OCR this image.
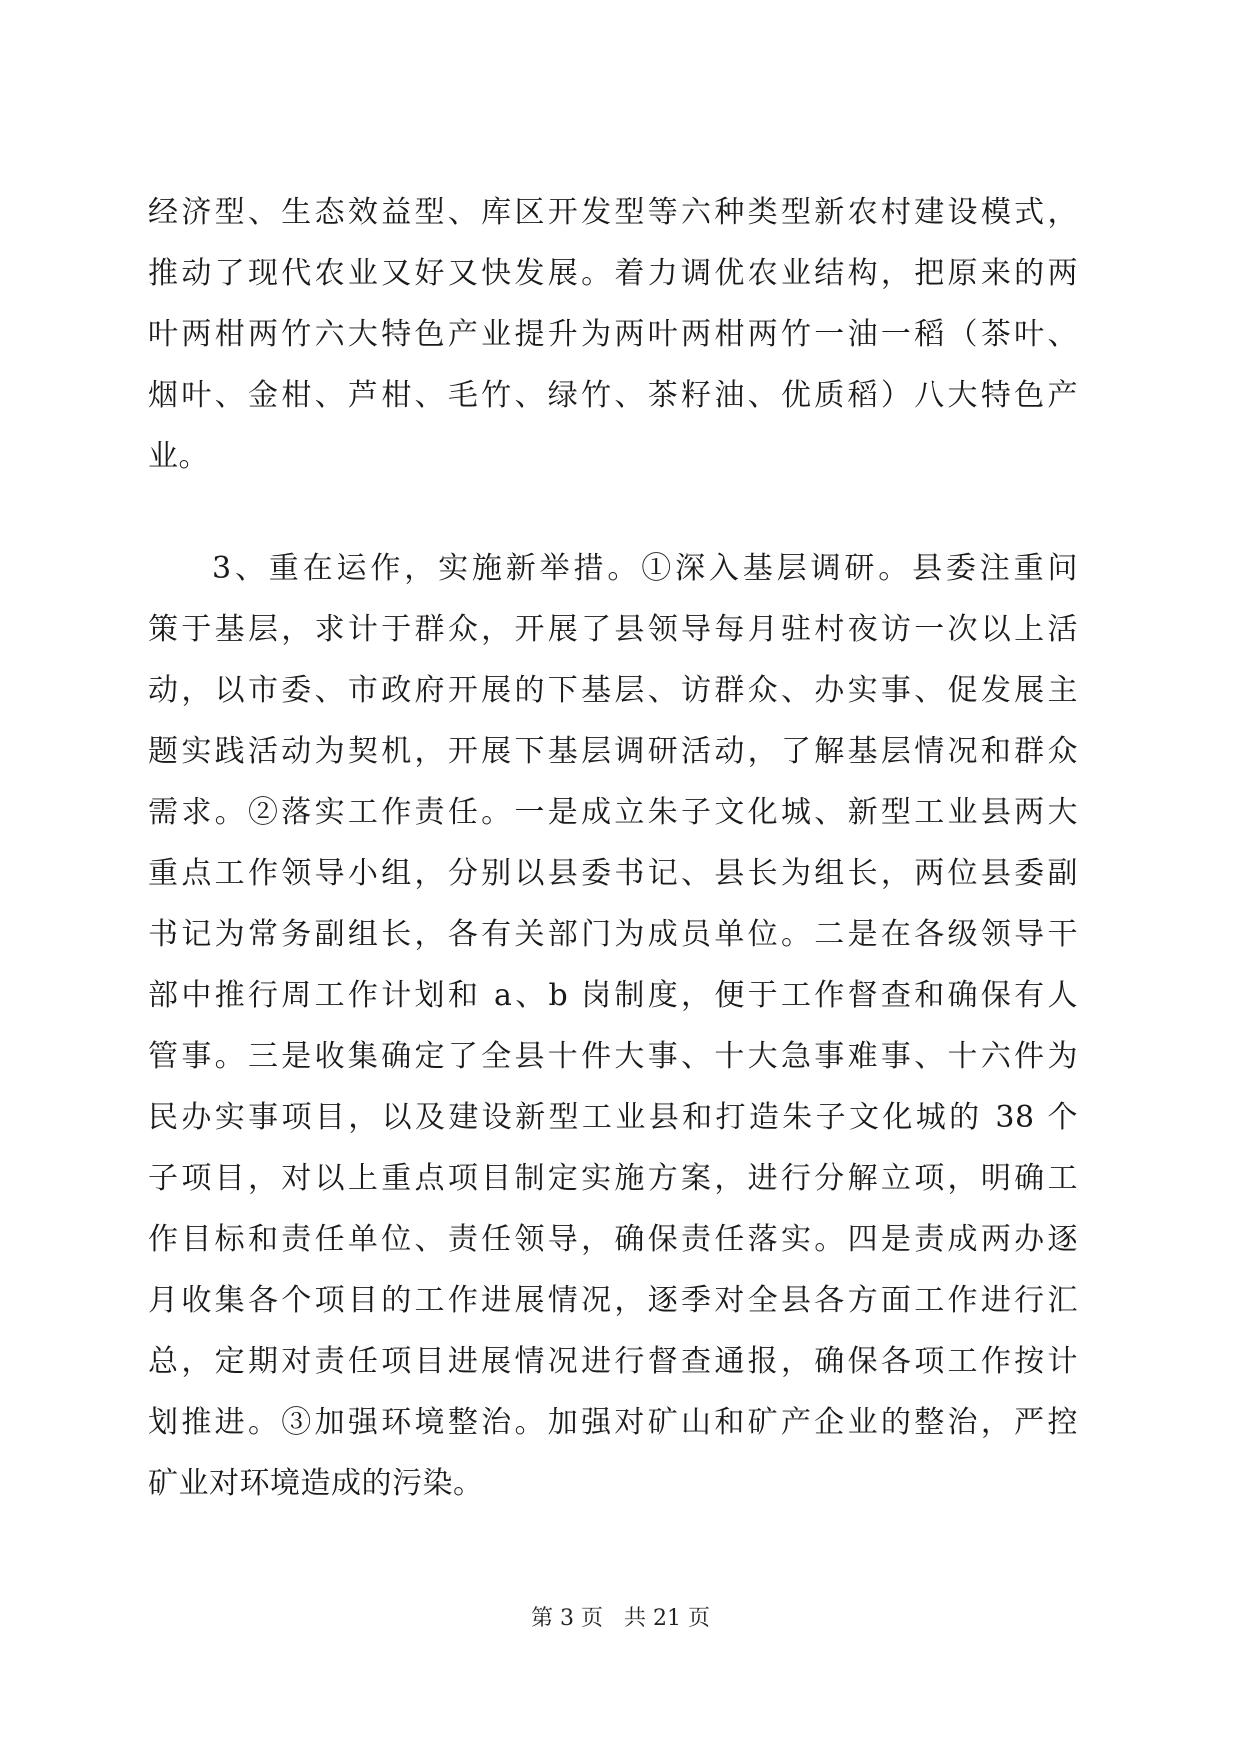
经济型、生态效益型、库区开发型等六种类型新农村建设模式，
推动了现代农业又好又快发展。着力调优农业结构，把原来的两
叶两柑两竹六大特色产业提升为两叶两柑两竹一油一稻（茶叶、
烟叶、金柑、芦柑、毛竹、绿竹、茶籽油、优质稻）八大特色产
业。
3、重在运作，实施新举措。①深入基层调研。县委注重问
策于基层，求计于群众，开展了县领导每月驻村夜访一次以上活
动，以市委、市政府开展的下基层、访群众、办实事、促发展主
题实践活动为契机，开展下基层调研活动，了解基层情况和群众
需求。②落实工作责任。一是成立朱子文化城、新型工业县两大
重点工作领导小组，分别以县委书记、县长为组长，两位县委副
书记为常务副组长，各有关部门为成员单位。二是在各级领导干
部中推行周工作计划和 a、b 岗制度，便于工作督查和确保有人
管事。三是收集确定了全县十件大事、十大急事难事、十六件为
民办实事项目，以及建设新型工业县和打造朱子文化城的 38 个
子项目，对以上重点项目制定实施方案，进行分解立项，明确工
作目标和责任单位、责任领导，确保责任落实。四是责成两办逐
月收集各个项目的工作进展情况，逐季对全县各方面工作进行汇
总，定期对责任项目进展情况进行督查通报，确保各项工作按计
划推进。③加强环境整治。加强对矿山和矿产企业的整治，严控
矿业对环境造成的污染。
第 3 页 共 21 页
